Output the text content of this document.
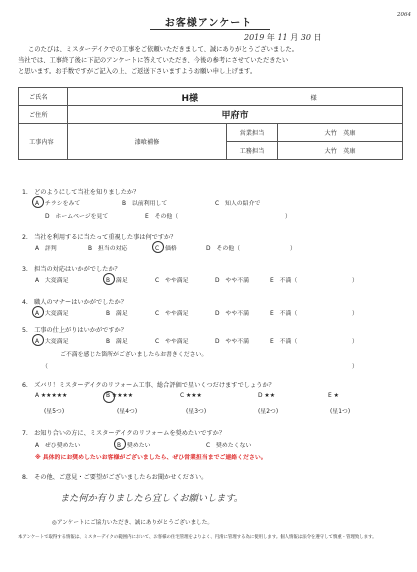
2064
お客様アンケート
2019 年 11 月 30 日
このたびは、ミスターデイクでの工事をご依頼いただきまして、誠にありがとうございました。
当社では、工事終了後に下記のアンケートに答えていただき、今後の参考にさせていただきたい
と思います。お手数ですがご記入の上、ご返送下さいますようお願い申し上げます。
ご氏名	H様 様		

ご住所	甲府市		
工事内容	漆喰補修	営業担当	大竹　英康
		工務担当	大竹　英康
1.　どのようにして当社を知りましたか？
A　チラシをみて	B　以前利用して	C　知人の紹介で
D　ホームページを見て	E　その他（	）
2.　当社を利用するに当たって重視した事は何ですか？
A　評判	B　担当の対応	C　価格	D　その他（	）
3.　担当の対応はいかがでしたか？
A　大変満足	B　満足	C　やや満足	D　やや不満	E　不満（	）
4.　職人のマナーはいかがでしたか？
A　大変満足	B　満足	C　やや満足	D　やや不満	E　不満（	）
5.　工事の仕上がりはいかがですか？
A　大変満足	B　満足	C　やや満足	D　やや不満	E　不満（	）
ご不満を感じた箇所がございましたらお書きください。
（	）
6.　ズバリ！ミスターデイクのリフォーム工事、総合評価で星いくつだけますでしょうか？
A ★★★★★	B ★★★★	C ★★★	D ★★	E ★
(星5つ)	(星4つ)	(星3つ)	(星2つ)	(星1つ)
7.　お知り合いの方に、ミスターデイクのリフォームを奨めたいですか？
A　ぜひ奨めたい	B　奨めたい	C　奨めたくない
※ 具体的にお奨めしたいお客様がございましたら、ぜひ営業担当までご連絡ください。
8.　その他、ご意見・ご要望がございましたらお聞かせください。
また何か有りましたら宜しくお願いします。
◎アンケートにご協力いただき、誠にありがとうございました。
本アンケートで取得する情報は、ミスターデイクの範囲内において、お客様の住宅管理をよりよく、円滑に管理する為に使用します。個人情報は法令を遵守して慎重・管理致します。
